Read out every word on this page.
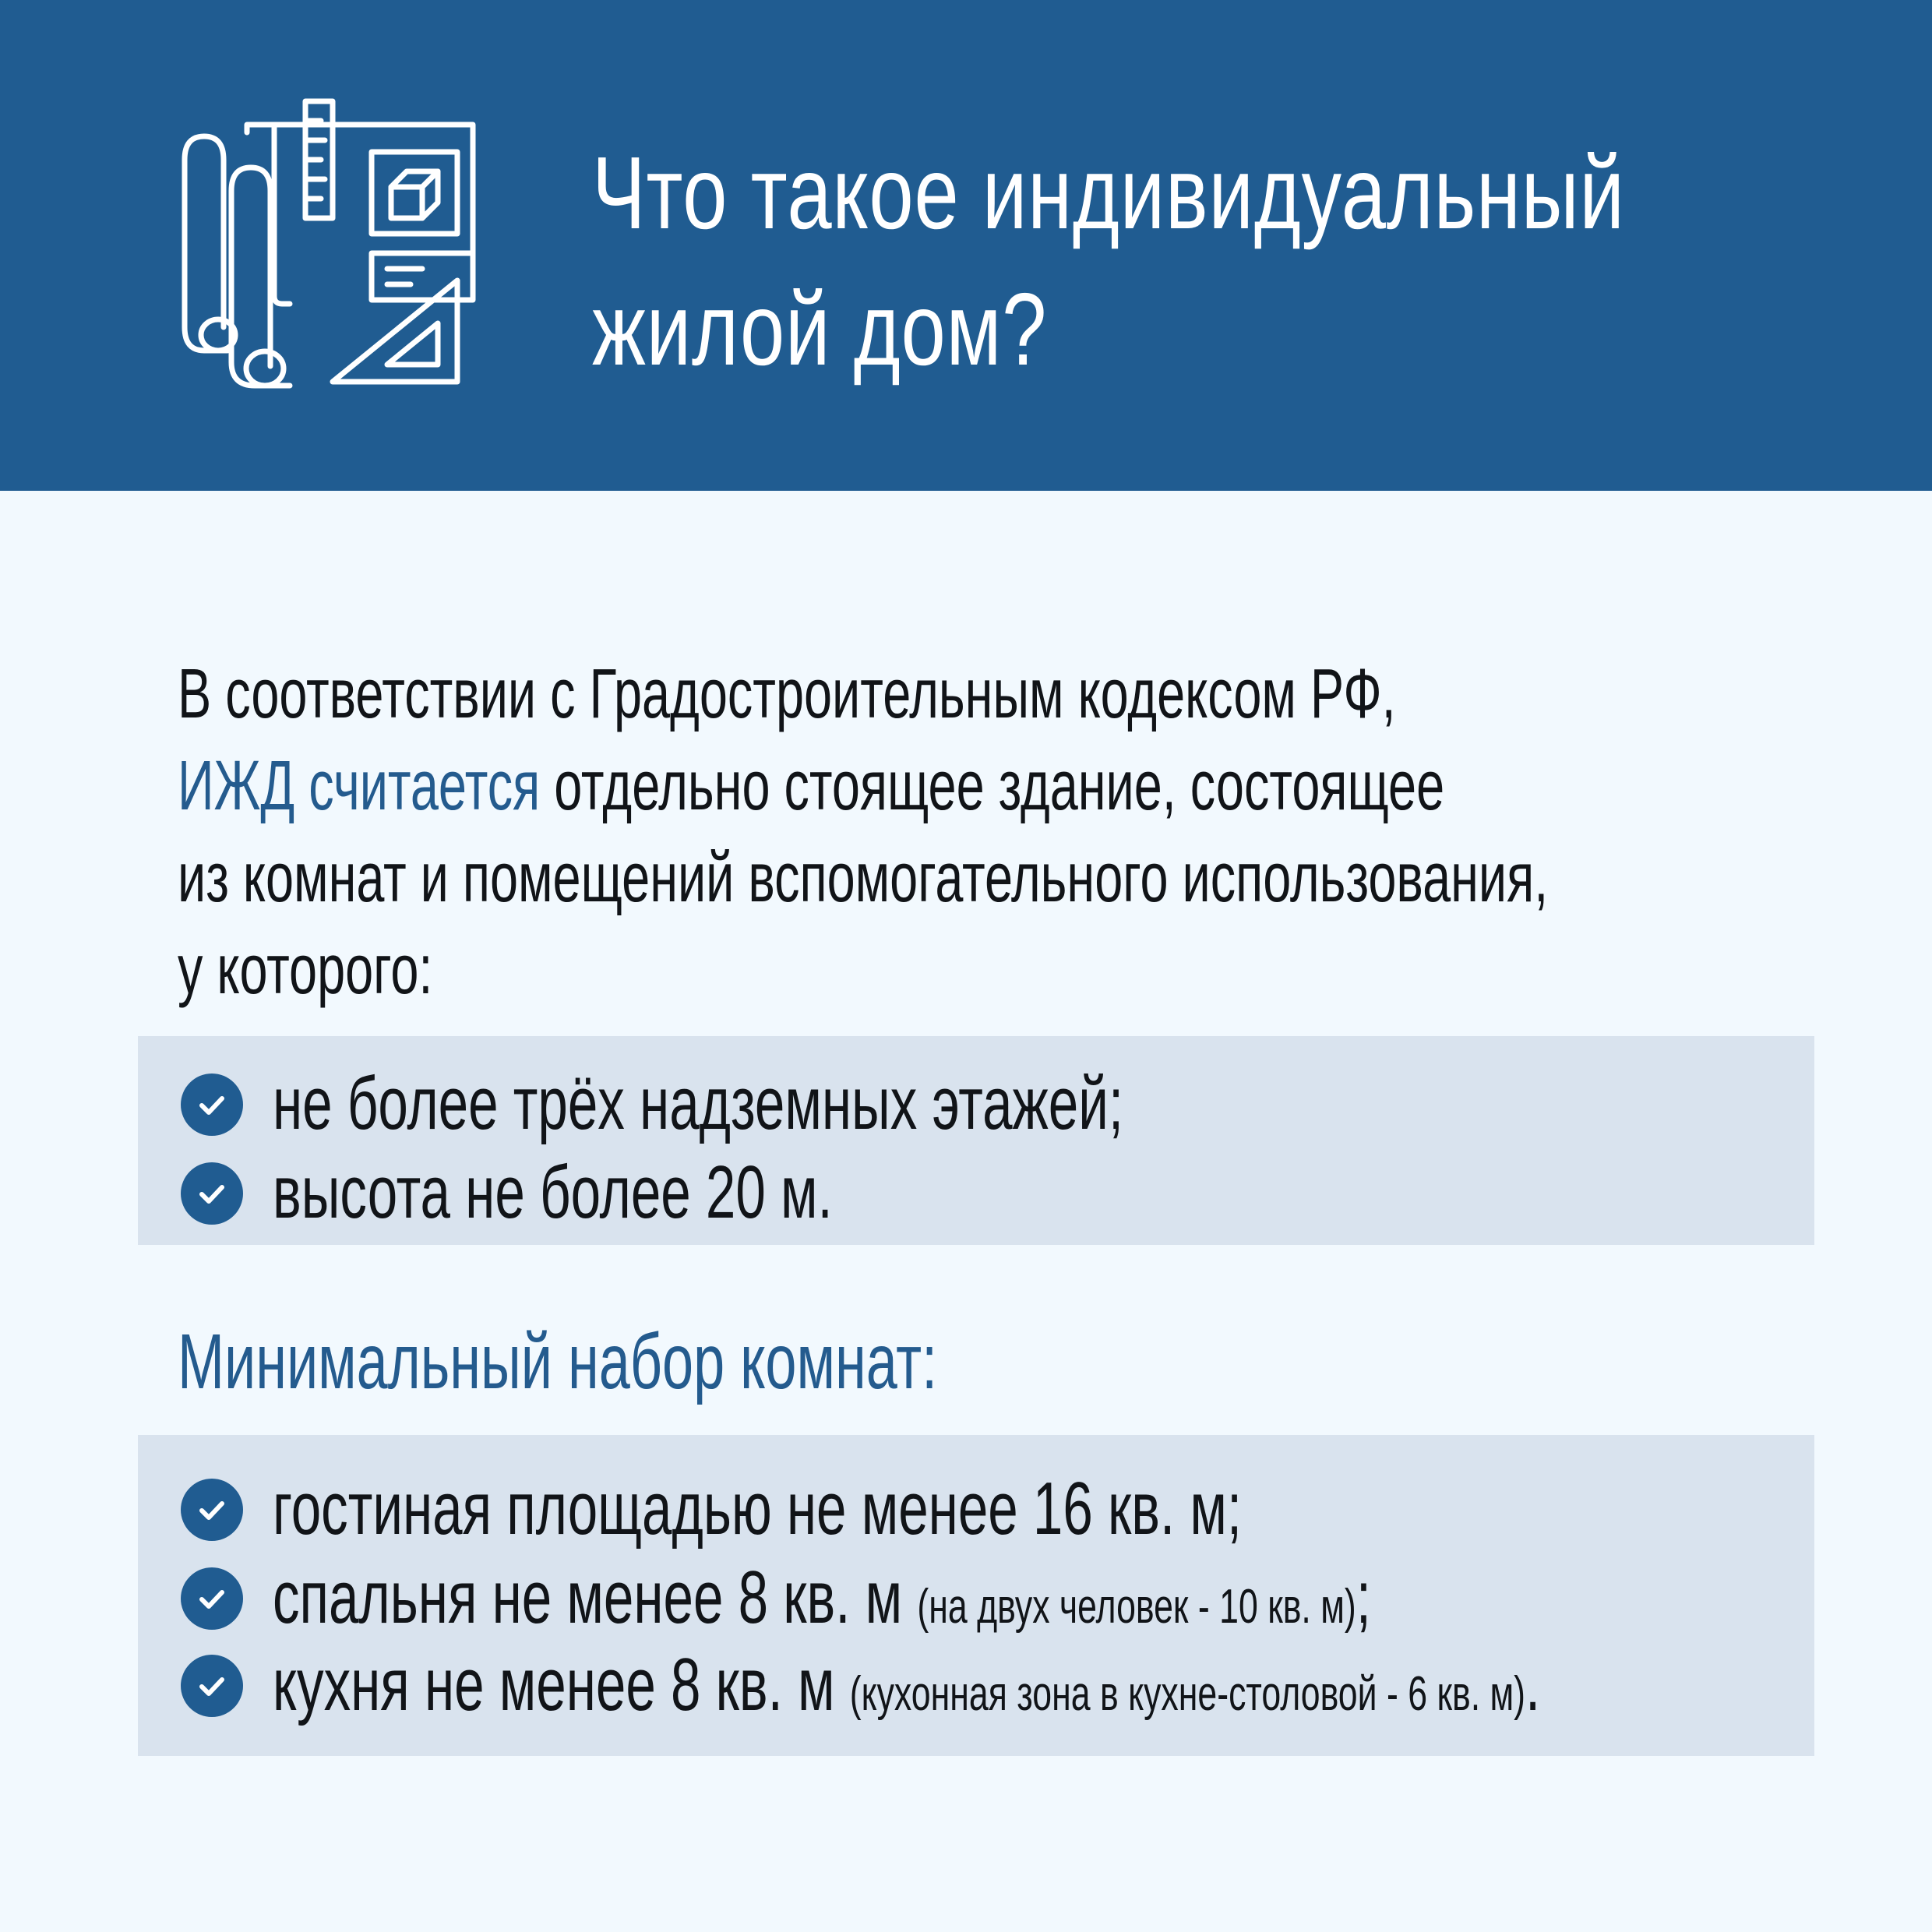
Что такое индивидуальный
жилой дом?
В соответствии с Градостроительным кодексом РФ,
ИЖД считается отдельно стоящее здание, состоящее
из комнат и помещений вспомогательного использования,
у которого:
не более трёх надземных этажей;
высота не более 20 м.
Минимальный набор комнат:
гостиная площадью не менее 16 кв. м;
спальня не менее 8 кв. м (на двух человек - 10 кв. м);
кухня не менее 8 кв. м (кухонная зона в кухне-столовой - 6 кв. м).
